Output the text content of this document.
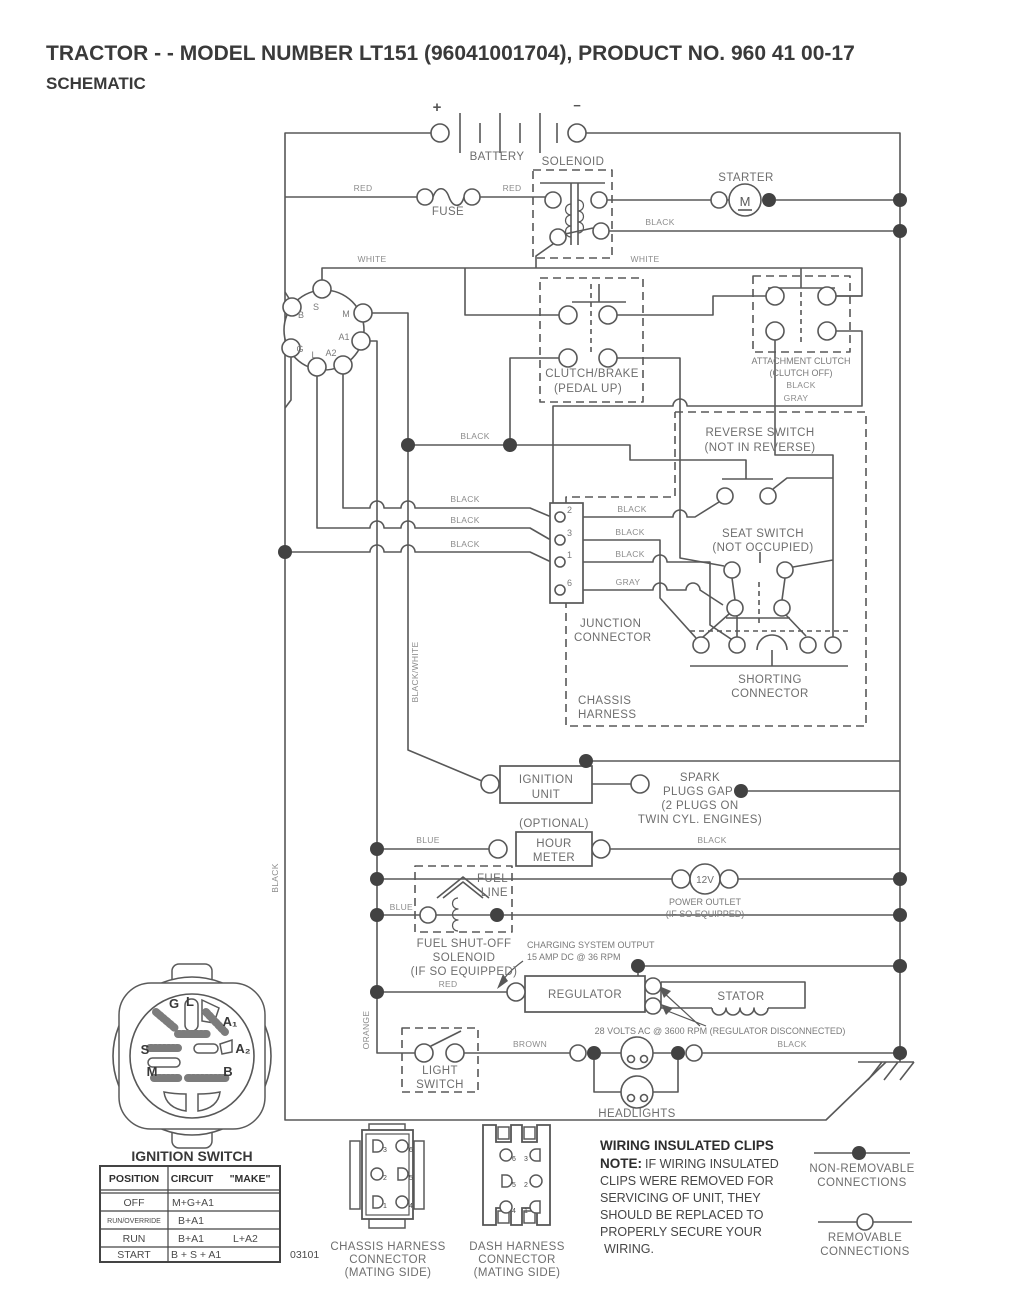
TRACTOR - - MODEL NUMBER LT151 (96041001704), PRODUCT NO. 960 41 00-17
SCHEMATIC
BATTERY
+	−
RED	RED
FUSE
SOLENOID
STARTER
M
BLACK
WHITE	WHITE
S
B	M
A1
G
L A2
CLUTCH/BRAKE
(PEDAL UP)
ATTACHMENT CLUTCH
(CLUTCH OFF)
BLACK
GRAY
REVERSE SWITCH
(NOT IN REVERSE)
SEAT SWITCH
(NOT OCCUPIED)
BLACK
BLACK
BLACK
BLACK
BLACK
BLACK
BLACK
GRAY
2
3
1
6
JUNCTION
CONNECTOR
SHORTING
CONNECTOR
CHASSIS
HARNESS
BLACK/WHITE
BLACK
ORANGE
IGNITION
UNIT
SPARK
PLUGS GAP
(2 PLUGS ON
TWIN CYL. ENGINES)
(OPTIONAL)
HOUR
METER
BLUE	BLACK
FUEL
LINE
BLUE
FUEL SHUT-OFF
SOLENOID
(IF SO EQUIPPED)
12V
POWER OUTLET
(IF SO EQUIPPED)
CHARGING SYSTEM OUTPUT
15 AMP DC @ 36 RPM
RED
REGULATOR	STATOR
28 VOLTS AC @ 3600 RPM (REGULATOR DISCONNECTED)
LIGHT
SWITCH
BROWN	BLACK
HEADLIGHTS
G L
A₁
A₂
S
M	B
IGNITION SWITCH
POSITION CIRCUIT "MAKE"
OFF	M+G+A1
RUN/OVERRIDE B+A1
RUN	B+A1	L+A2
START B + S + A1	03101
3	6
2	5
1	4
CHASSIS HARNESS
CONNECTOR
(MATING SIDE)
6 3
5 2
4 1
DASH HARNESS
CONNECTOR
(MATING SIDE)
WIRING INSULATED CLIPS
NOTE: IF WIRING INSULATED
CLIPS WERE REMOVED FOR
SERVICING OF UNIT, THEY
SHOULD BE REPLACED TO
PROPERLY SECURE YOUR
WIRING.
NON-REMOVABLE
CONNECTIONS
REMOVABLE
CONNECTIONS
